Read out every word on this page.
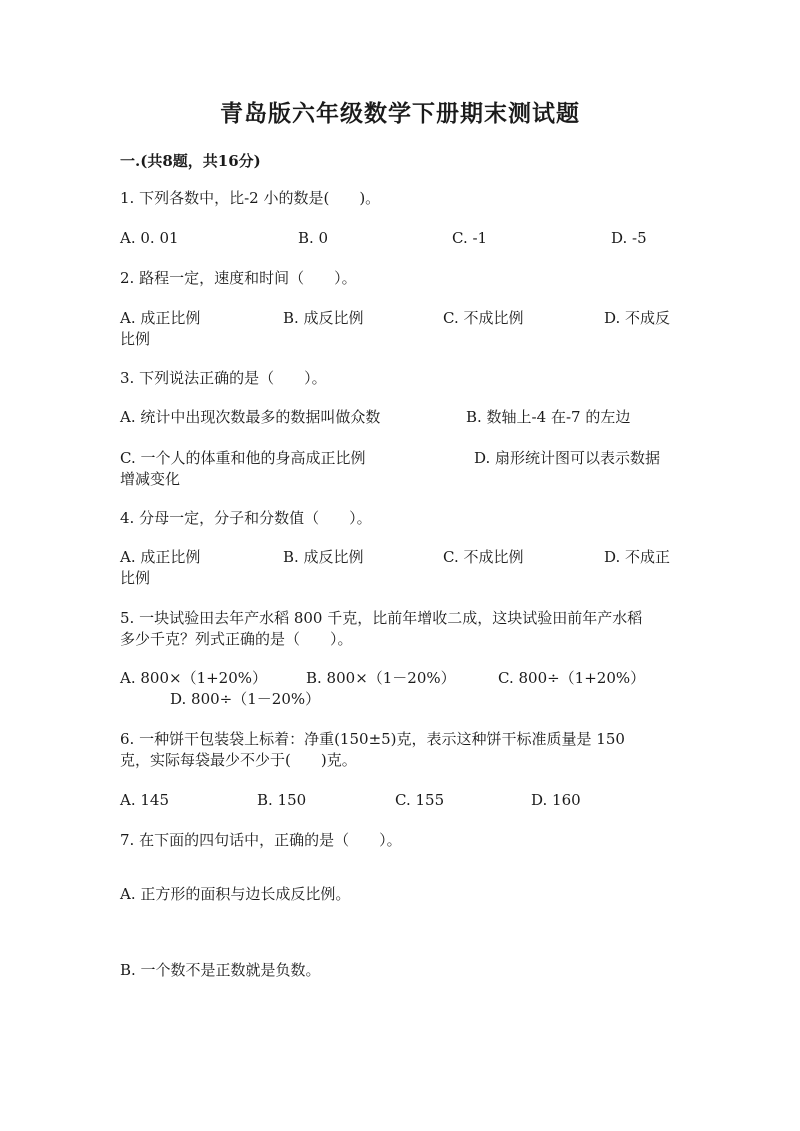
青岛版六年级数学下册期末测试题
一.(共8题，共16分)
1. 下列各数中，比-2 小的数是(　　)。
A. 0. 01	B. 0	C. -1	D. -5
2. 路程一定，速度和时间（　　）。
A. 成正比例	B. 成反比例	C. 不成比例	D. 不成反
比例
3. 下列说法正确的是（　　）。
A. 统计中出现次数最多的数据叫做众数	B. 数轴上-4 在-7 的左边
C. 一个人的体重和他的身高成正比例	D. 扇形统计图可以表示数据
增减变化
4. 分母一定，分子和分数值（　　）。
A. 成正比例	B. 成反比例	C. 不成比例	D. 不成正
比例
5. 一块试验田去年产水稻 800 千克，比前年增收二成，这块试验田前年产水稻
多少千克？列式正确的是（　　）。
A. 800×（1+20%）	B. 800×（1－20%）	C. 800÷（1+20%）
D. 800÷（1－20%）
6. 一种饼干包装袋上标着：净重(150±5)克，表示这种饼干标准质量是 150
克，实际每袋最少不少于(　　)克。
A. 145	B. 150	C. 155	D. 160
7. 在下面的四句话中，正确的是（　　）。
A. 正方形的面积与边长成反比例。
B. 一个数不是正数就是负数。
